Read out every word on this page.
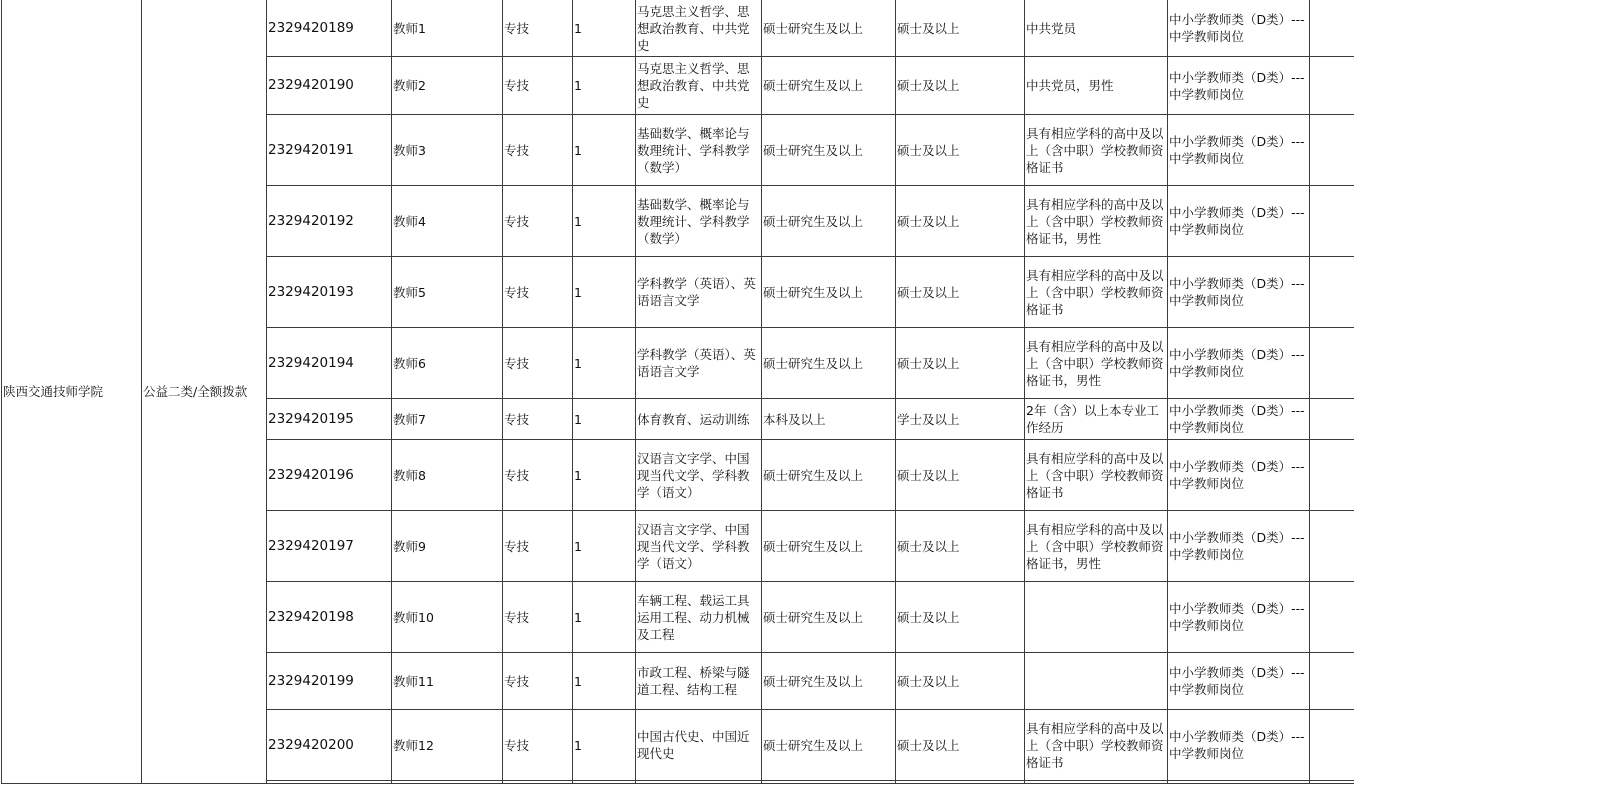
陕西交通技师学院	公益二类/全额拨款	2329420189	教师1	专技	1	马克思主义哲学、思想政治教育、中共党史	硕士研究生及以上	硕士及以上	中共党员	中小学教师类（D类）---中学教师岗位	
		2329420190	教师2	专技	1	马克思主义哲学、思想政治教育、中共党史	硕士研究生及以上	硕士及以上	中共党员，男性	中小学教师类（D类）---中学教师岗位	
		2329420191	教师3	专技	1	基础数学、概率论与数理统计、学科教学（数学）	硕士研究生及以上	硕士及以上	具有相应学科的高中及以上（含中职）学校教师资格证书	中小学教师类（D类）---中学教师岗位	
		2329420192	教师4	专技	1	基础数学、概率论与数理统计、学科教学（数学）	硕士研究生及以上	硕士及以上	具有相应学科的高中及以上（含中职）学校教师资格证书，男性	中小学教师类（D类）---中学教师岗位	
		2329420193	教师5	专技	1	学科教学（英语）、英语语言文学	硕士研究生及以上	硕士及以上	具有相应学科的高中及以上（含中职）学校教师资格证书	中小学教师类（D类）---中学教师岗位	
		2329420194	教师6	专技	1	学科教学（英语）、英语语言文学	硕士研究生及以上	硕士及以上	具有相应学科的高中及以上（含中职）学校教师资格证书，男性	中小学教师类（D类）---中学教师岗位	
		2329420195	教师7	专技	1	体育教育、运动训练	本科及以上	学士及以上	2年（含）以上本专业工作经历	中小学教师类（D类）---中学教师岗位	
		2329420196	教师8	专技	1	汉语言文字学、中国现当代文学、学科教学（语文）	硕士研究生及以上	硕士及以上	具有相应学科的高中及以上（含中职）学校教师资格证书	中小学教师类（D类）---中学教师岗位	
		2329420197	教师9	专技	1	汉语言文字学、中国现当代文学、学科教学（语文）	硕士研究生及以上	硕士及以上	具有相应学科的高中及以上（含中职）学校教师资格证书，男性	中小学教师类（D类）---中学教师岗位	
		2329420198	教师10	专技	1	车辆工程、载运工具运用工程、动力机械及工程	硕士研究生及以上	硕士及以上		中小学教师类（D类）---中学教师岗位	
		2329420199	教师11	专技	1	市政工程、桥梁与隧道工程、结构工程	硕士研究生及以上	硕士及以上		中小学教师类（D类）---中学教师岗位	
		2329420200	教师12	专技	1	中国古代史、中国近现代史	硕士研究生及以上	硕士及以上	具有相应学科的高中及以上（含中职）学校教师资格证书	中小学教师类（D类）---中学教师岗位	
